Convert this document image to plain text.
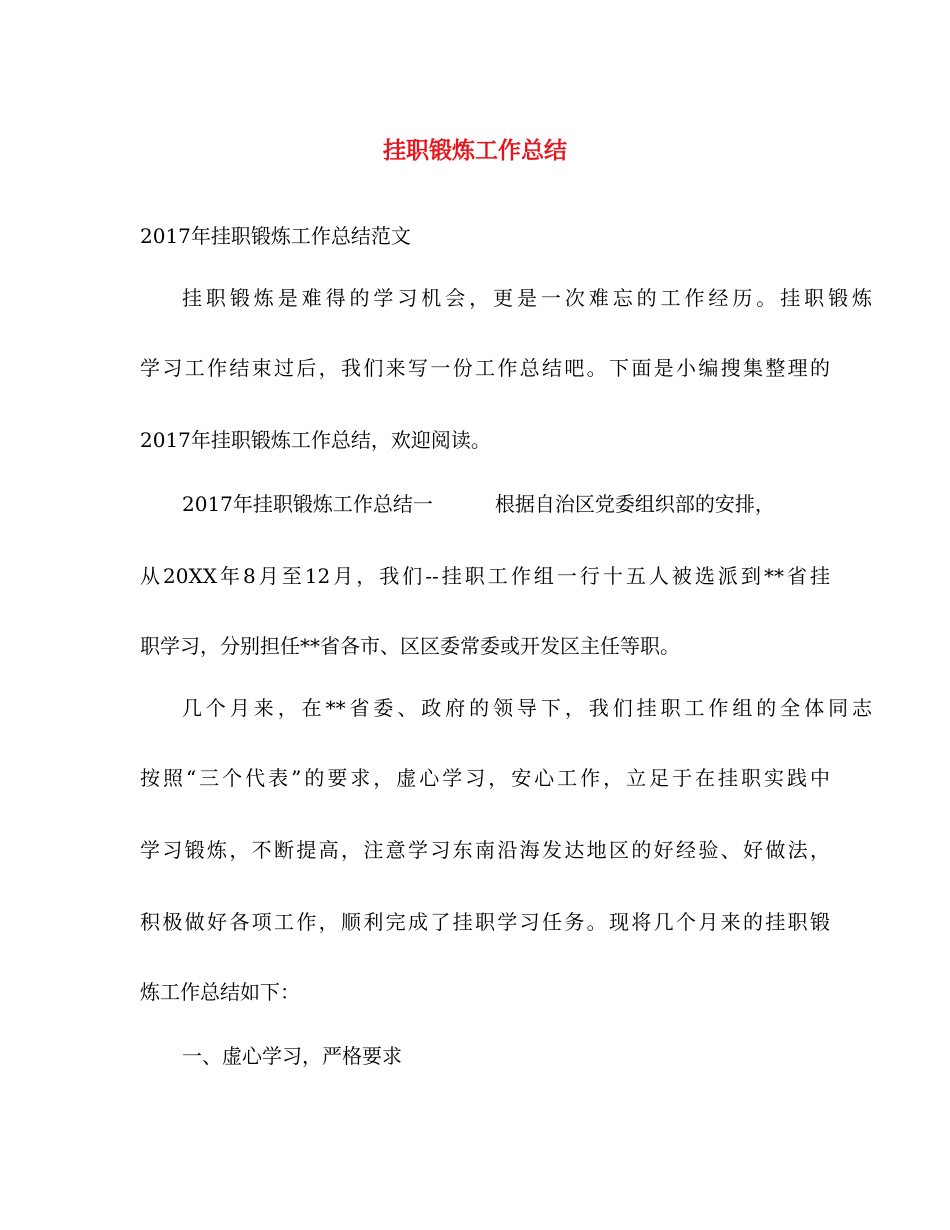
挂职锻炼工作总结

2017年挂职锻炼工作总结范文

挂职锻炼是难得的学习机会，更是一次难忘的工作经历。挂职锻炼

学习工作结束过后，我们来写一份工作总结吧。下面是小编搜集整理的

2017年挂职锻炼工作总结，欢迎阅读。

2017年挂职锻炼工作总结一	根据自治区党委组织部的安排，

从20XX年8月至12月，我们--挂职工作组一行十五人被选派到**省挂

职学习，分别担任**省各市、区区委常委或开发区主任等职。

几个月来，在**省委、政府的领导下，我们挂职工作组的全体同志

按照“三个代表”的要求，虚心学习，安心工作，立足于在挂职实践中

学习锻炼，不断提高，注意学习东南沿海发达地区的好经验、好做法，

积极做好各项工作，顺利完成了挂职学习任务。现将几个月来的挂职锻

炼工作总结如下：

一、虚心学习，严格要求
